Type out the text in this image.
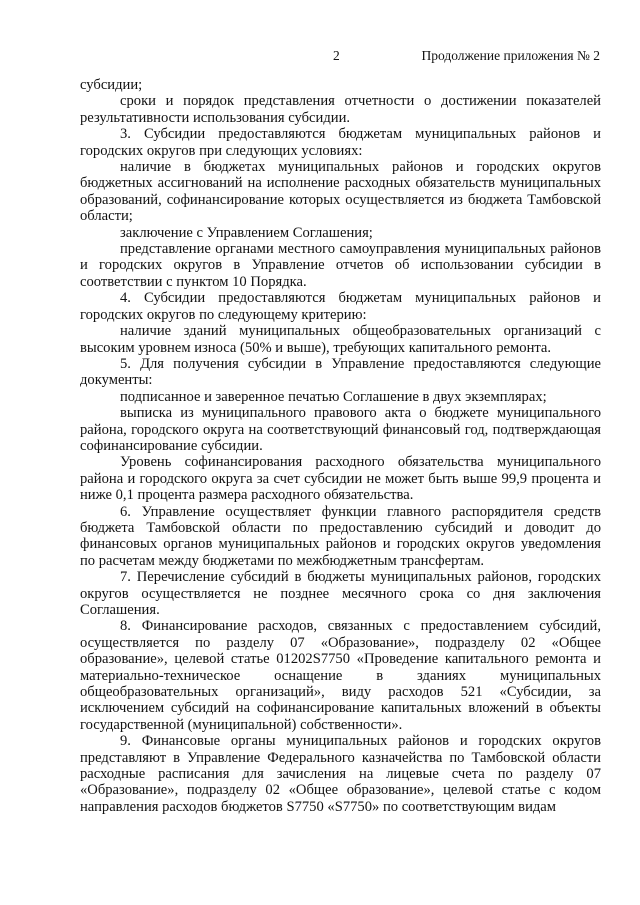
2	Продолжение приложения № 2

субсидии;

сроки и порядок представления отчетности о достижении показателей результативности использования субсидии.

3. Субсидии предоставляются бюджетам муниципальных районов и городских округов при следующих условиях:

наличие в бюджетах муниципальных районов и городских округов бюджетных ассигнований на исполнение расходных обязательств муниципальных образований, софинансирование которых осуществляется из бюджета Тамбовской области;

заключение с Управлением Соглашения;

представление органами местного самоуправления муниципальных районов и городских округов в Управление отчетов об использовании субсидии в соответствии с пунктом 10 Порядка.

4. Субсидии предоставляются бюджетам муниципальных районов и городских округов по следующему критерию:

наличие зданий муниципальных общеобразовательных организаций с высоким уровнем износа (50% и выше), требующих капитального ремонта.

5. Для получения субсидии в Управление предоставляются следующие документы:

подписанное и заверенное печатью Соглашение в двух экземплярах;

выписка из муниципального правового акта о бюджете муниципального района, городского округа на соответствующий финансовый год, подтверждающая софинансирование субсидии.

Уровень софинансирования расходного обязательства муниципального района и городского округа за счет субсидии не может быть выше 99,9 процента и ниже 0,1 процента размера расходного обязательства.

6. Управление осуществляет функции главного распорядителя средств бюджета Тамбовской области по предоставлению субсидий и доводит до финансовых органов муниципальных районов и городских округов уведомления по расчетам между бюджетами по межбюджетным трансфертам.

7. Перечисление субсидий в бюджеты муниципальных районов, городских округов осуществляется не позднее месячного срока со дня заключения Соглашения.

8. Финансирование расходов, связанных с предоставлением субсидий, осуществляется по разделу 07 «Образование», подразделу 02 «Общее образование», целевой статье 01202S7750 «Проведение капитального ремонта и материально-техническое оснащение в зданиях муниципальных общеобразовательных организаций», виду расходов 521 «Субсидии, за исключением субсидий на софинансирование капитальных вложений в объекты государственной (муниципальной) собственности».

9. Финансовые органы муниципальных районов и городских округов представляют в Управление Федерального казначейства по Тамбовской области расходные расписания для зачисления на лицевые счета по разделу 07 «Образование», подразделу 02 «Общее образование», целевой статье с кодом направления расходов бюджетов S7750 «S7750» по соответствующим видам
